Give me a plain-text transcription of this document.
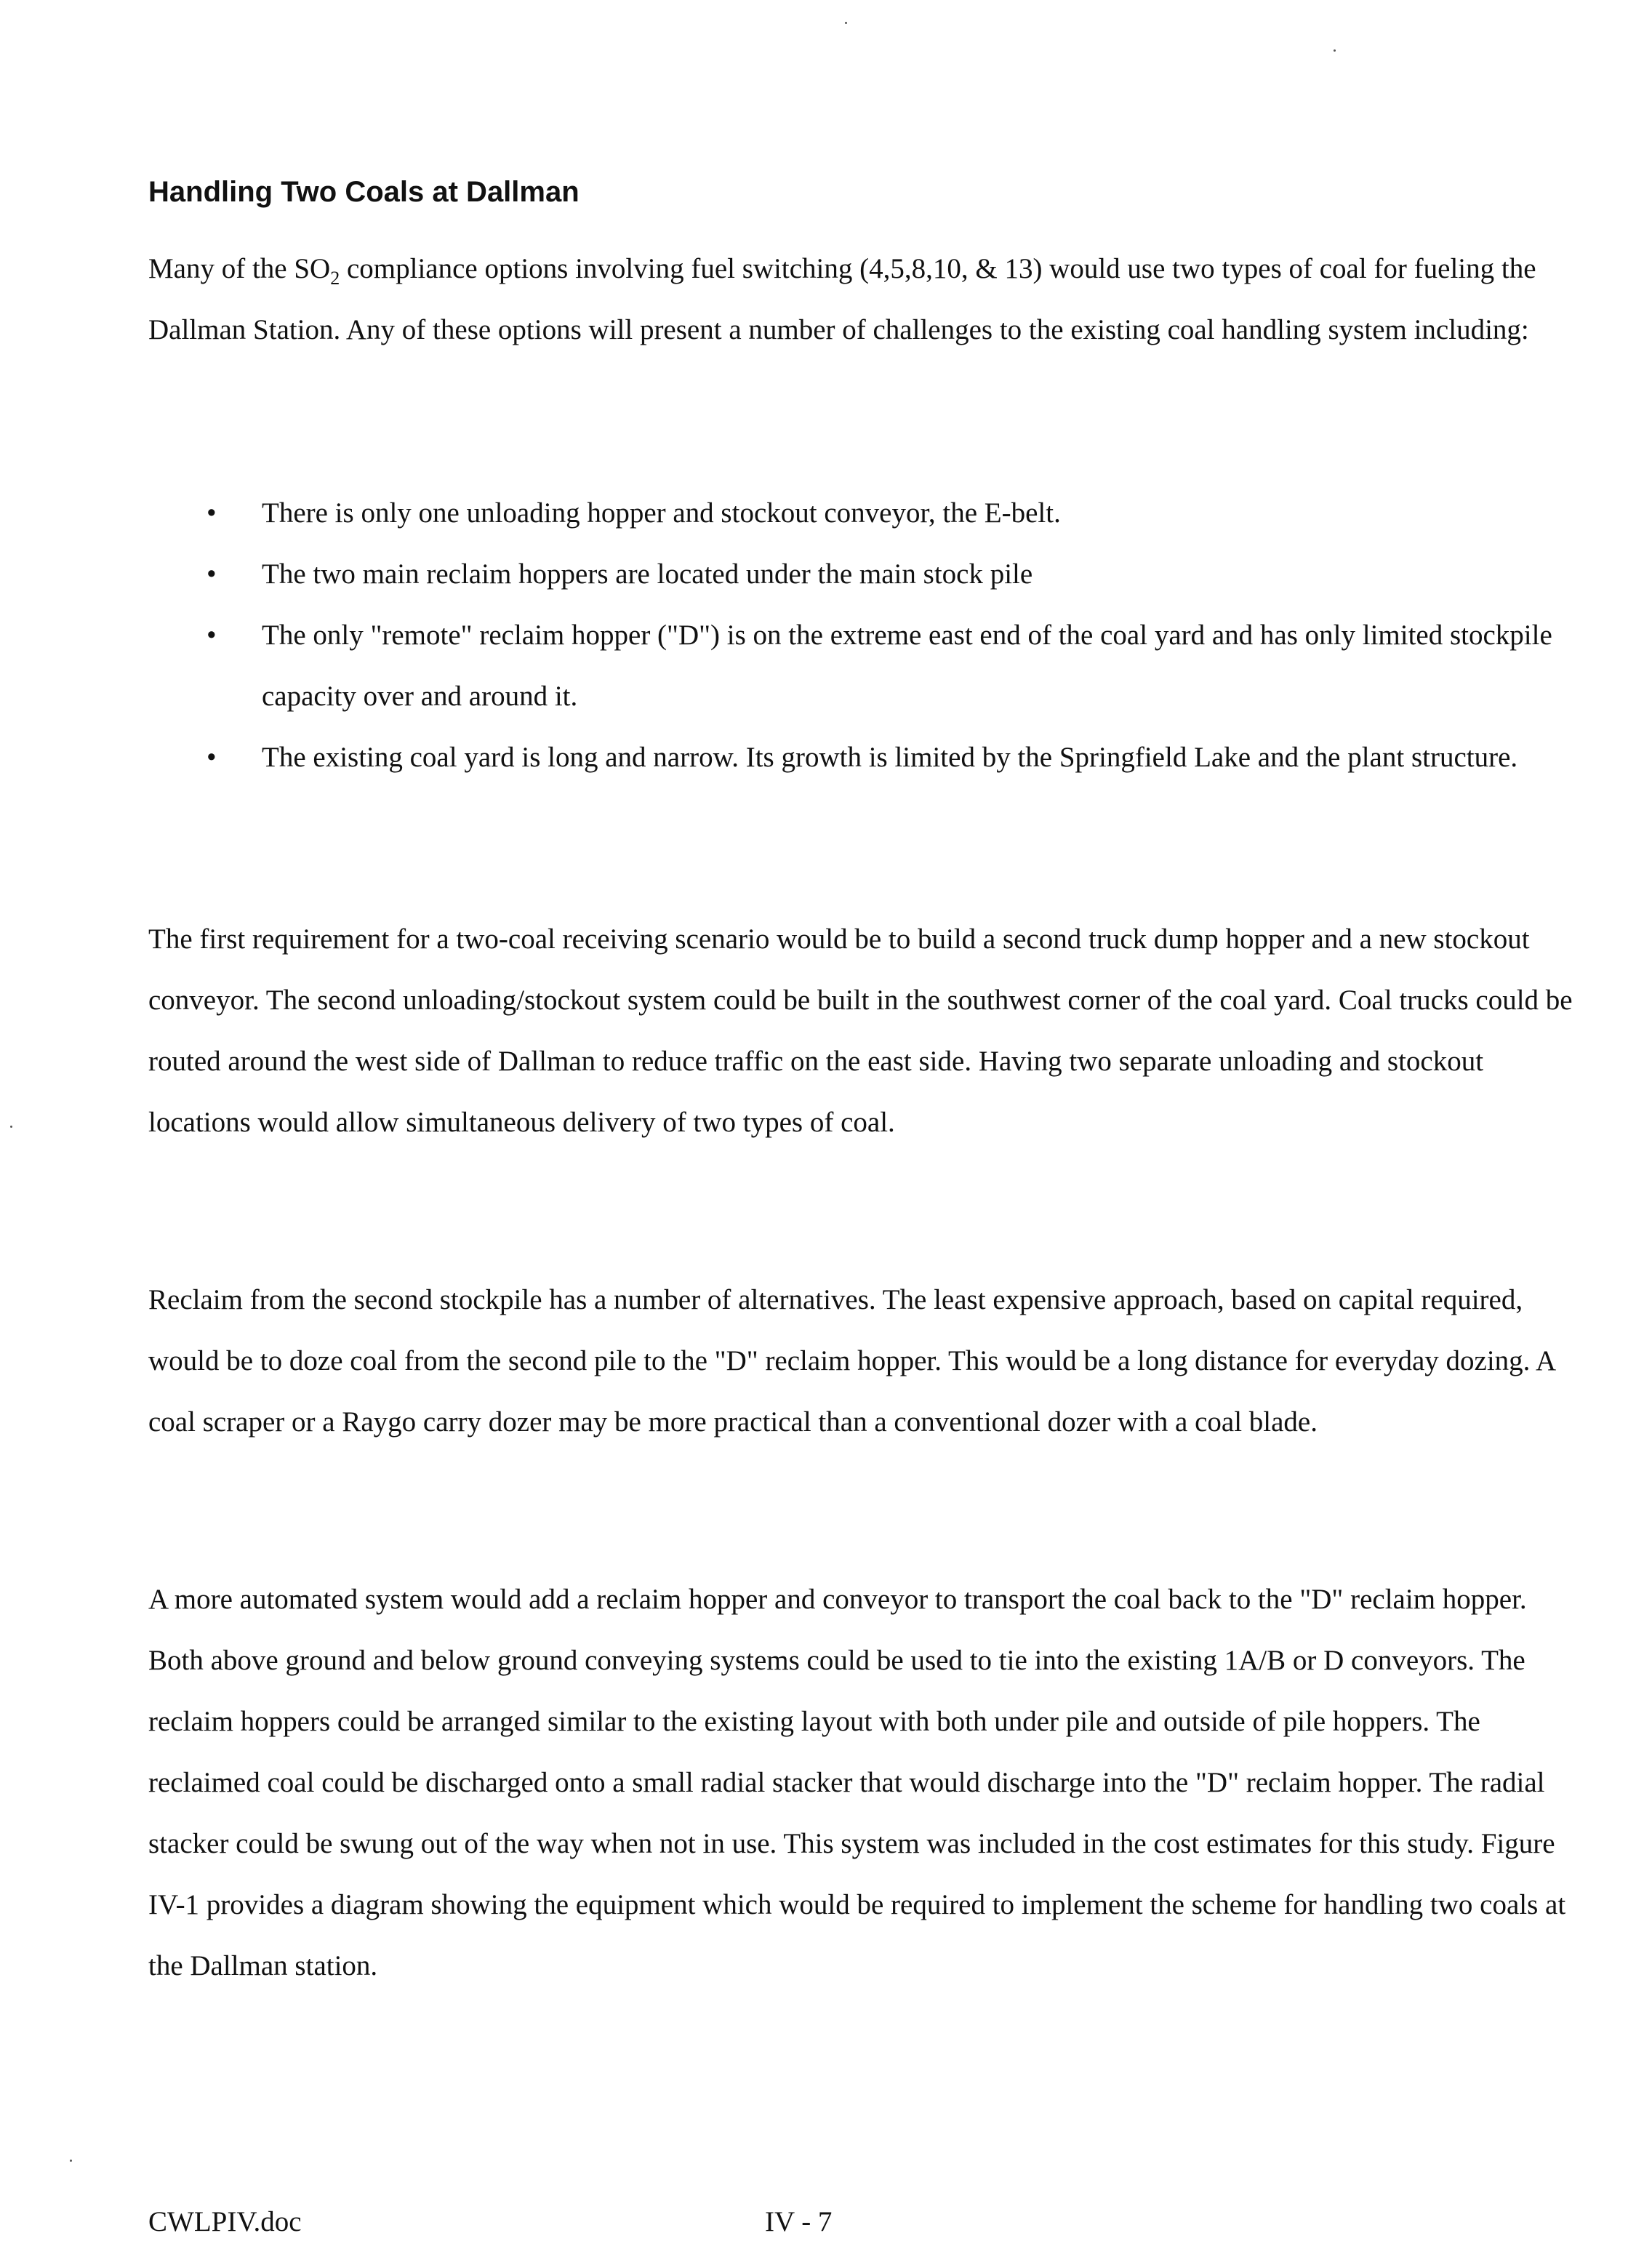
Handling Two Coals at Dallman

Many of the $SO_2$ compliance options involving fuel switching (4,5,8,10, & 13) would use two types of coal for fueling the Dallman Station. Any of these options will present a number of challenges to the existing coal handling system including:

•	There is only one unloading hopper and stockout conveyor, the E-belt.
•	The two main reclaim hoppers are located under the main stock pile
•	The only "remote" reclaim hopper ("D") is on the extreme east end of the coal yard and has only limited stockpile capacity over and around it.
•	The existing coal yard is long and narrow. Its growth is limited by the Springfield Lake and the plant structure.

The first requirement for a two-coal receiving scenario would be to build a second truck dump hopper and a new stockout conveyor. The second unloading/stockout system could be built in the southwest corner of the coal yard. Coal trucks could be routed around the west side of Dallman to reduce traffic on the east side. Having two separate unloading and stockout locations would allow simultaneous delivery of two types of coal.

Reclaim from the second stockpile has a number of alternatives. The least expensive approach, based on capital required, would be to doze coal from the second pile to the "D" reclaim hopper. This would be a long distance for everyday dozing. A coal scraper or a Raygo carry dozer may be more practical than a conventional dozer with a coal blade.

A more automated system would add a reclaim hopper and conveyor to transport the coal back to the "D" reclaim hopper. Both above ground and below ground conveying systems could be used to tie into the existing 1A/B or D conveyors. The reclaim hoppers could be arranged similar to the existing layout with both under pile and outside of pile hoppers. The reclaimed coal could be discharged onto a small radial stacker that would discharge into the "D" reclaim hopper. The radial stacker could be swung out of the way when not in use. This system was included in the cost estimates for this study. Figure IV-1 provides a diagram showing the equipment which would be required to implement the scheme for handling two coals at the Dallman station.

CWLPIV.doc	IV - 7
